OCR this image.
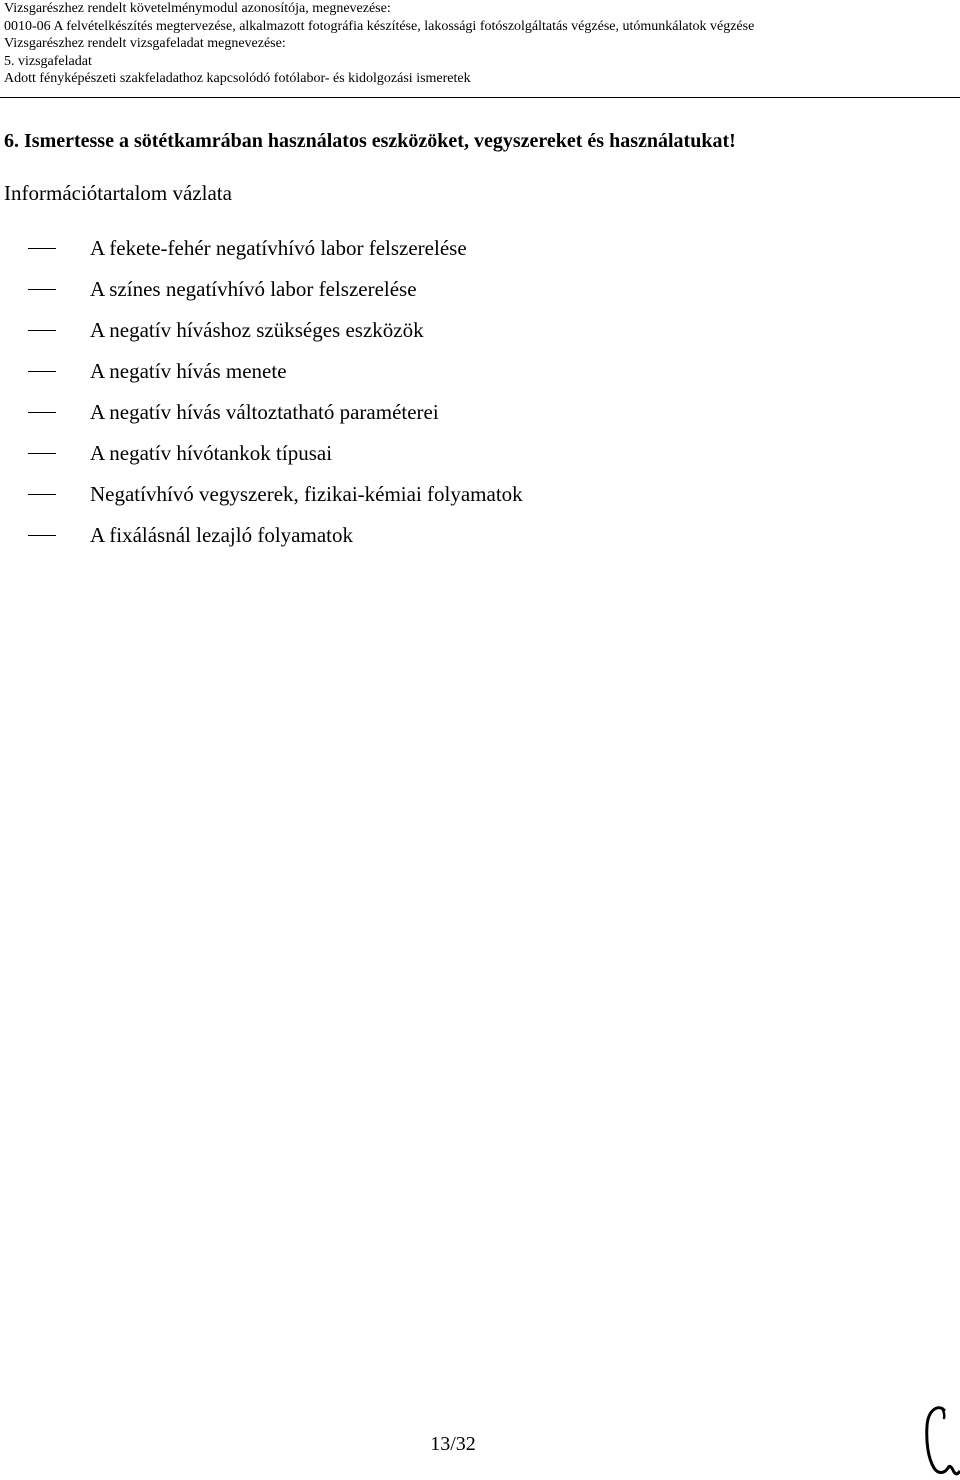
Vizsgarészhez rendelt követelménymodul azonosítója, megnevezése:
0010-06 A felvételkészítés megtervezése, alkalmazott fotográfia készítése, lakossági fotószolgáltatás végzése, utómunkálatok végzése
Vizsgarészhez rendelt vizsgafeladat megnevezése:
5. vizsgafeladat
Adott fényképészeti szakfeladathoz kapcsolódó fotólabor- és kidolgozási ismeretek
6. Ismertesse a sötétkamrában használatos eszközöket, vegyszereket és használatukat!
Információtartalom vázlata
A fekete-fehér negatívhívó labor felszerelése
A színes negatívhívó labor felszerelése
A negatív híváshoz szükséges eszközök
A negatív hívás menete
A negatív hívás változtatható paraméterei
A negatív hívótankok típusai
Negatívhívó vegyszerek, fizikai-kémiai folyamatok
A fixálásnál lezajló folyamatok
13/32
